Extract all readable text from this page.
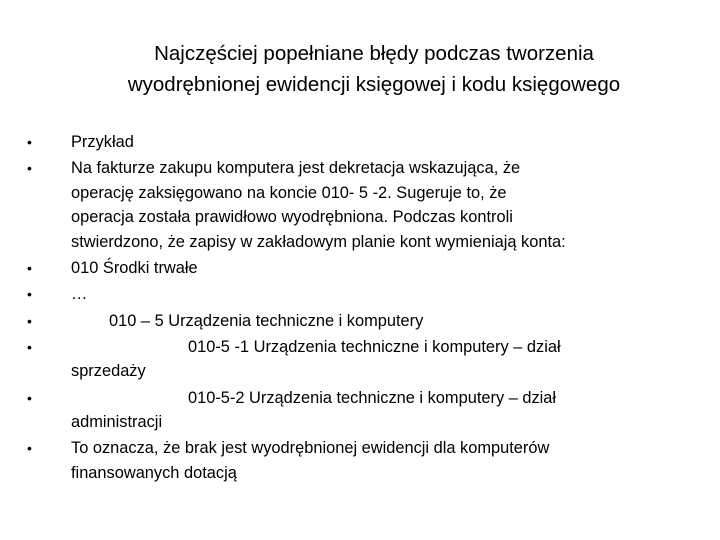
Najczęściej popełniane błędy podczas tworzenia
wyodrębnionej ewidencji księgowej i kodu księgowego
•	Przykład
•	Na fakturze zakupu komputera jest dekretacja wskazująca, że
operację zaksięgowano na koncie 010- 5 -2. Sugeruje to, że
operacja została prawidłowo wyodrębniona. Podczas kontroli
stwierdzono, że zapisy w zakładowym planie kont wymieniają konta:
•	010 Środki trwałe
•	…
•	010 – 5 Urządzenia techniczne i komputery
•	010-5 -1 Urządzenia techniczne i komputery – dział
sprzedaży
•	010-5-2 Urządzenia techniczne i komputery – dział
administracji
•	To oznacza, że brak jest wyodrębnionej ewidencji dla komputerów
finansowanych dotacją
